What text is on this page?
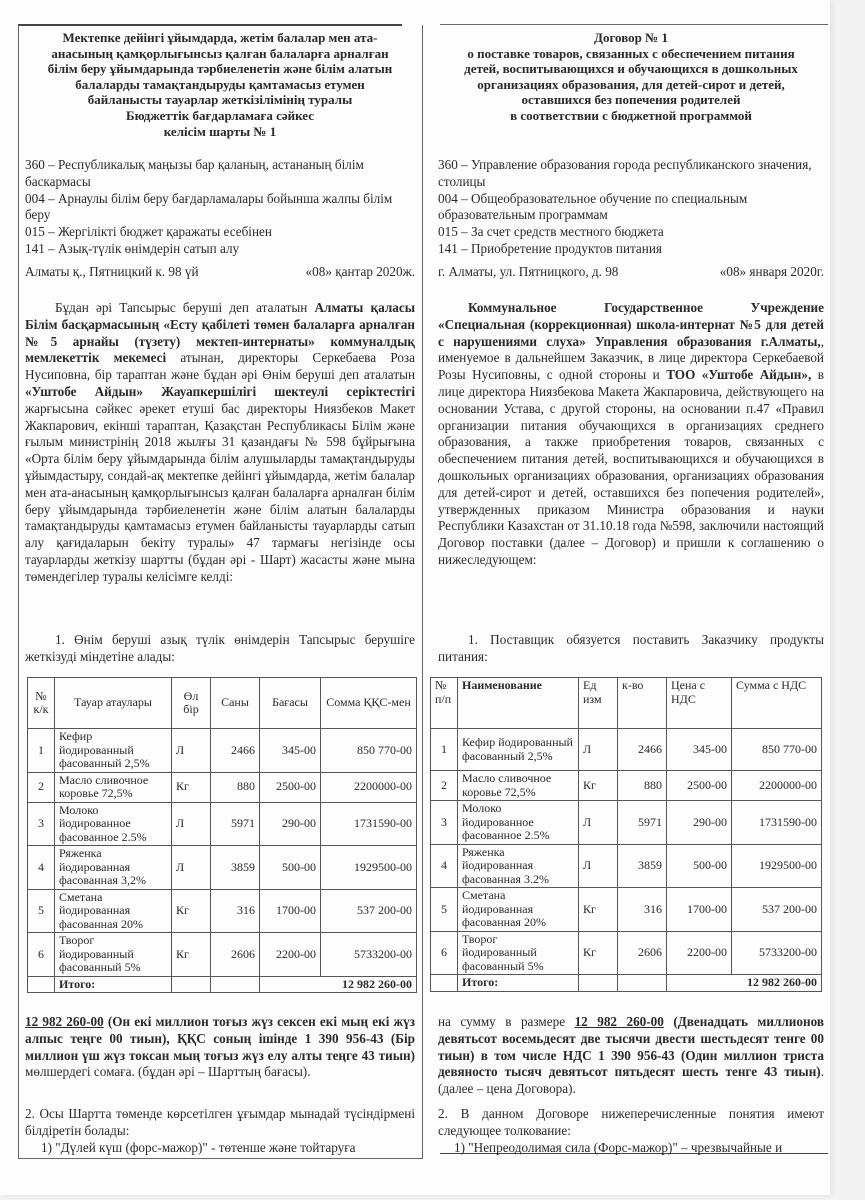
Мектепке дейінгі ұйымдарда, жетім балалар мен ата-
анасының қамқорлығынсыз қалған балаларға арналған
білім беру ұйымдарында тәрбиеленетін және білім алатын
балаларды тамақтандыруды қамтамасыз етумен
байланысты тауарлар жеткізілімінің туралы
Бюджеттік бағдарламаға сәйкес
келісім шарты № 1
360 – Республикалық маңызы бар қаланың, астананың білім баскармасы
004 – Арнаулы білім беру бағдарламалары бойынша жалпы білім беру
015 – Жергілікті бюджет қаражаты есебінен
141 – Азық-түлік өнімдерін сатып алу
Алматы қ., Пятницкий к. 98 үй	«08» қантар 2020ж.
Бұдан әрі Тапсырыс беруші деп аталатын Алматы қаласы Білім басқармасының «Есту қабілеті төмен балаларға арналған №5 арнайы (түзету) мектеп-интернаты» коммуналдық мемлекеттік мекемесі атынан, директоры Серкебаева Роза Нусиповна, бір тараптан және бұдан әрі Өнім беруші деп аталатын «Уштобе Айдын» Жауапкершілігі шектеулі серіктестігі жарғысына сәйкес әрекет етуші бас директоры Ниязбеков Макет Жакпарович, екінші тараптан, Қазақстан Республикасы Білім және ғылым министрінің 2018 жылғы 31 қазандағы № 598 бұйрығына «Орта білім беру ұйымдарында білім алушыларды тамақтандыруды ұйымдастыру, сондай-ақ мектепке дейінгі ұйымдарда, жетім балалар мен ата-анасының қамқорлығынсыз қалған балаларға арналған білім беру ұйымдарында тәрбиеленетін және білім алатын балаларды тамақтандыруды қамтамасыз етумен байланысты тауарларды сатып алу қағидаларын бекіту туралы» 47 тармағы негізінде осы тауарларды жеткізу шартты (бұдан әрі - Шарт) жасасты және мына төмендегілер туралы келісімге келді:
1. Өнім беруші азық түлік өнімдерін Тапсырыс берушіге жеткізуді міндетіне алады:
№ к/к	Тауар атаулары	Өл бір	Саны	Бағасы	Сомма ҚҚС-мен
1	Кефир йодированный фасованный 2,5%	Л	2466	345-00	850 770-00
2	Масло сливочное коровье 72,5%	Кг	880	2500-00	2200000-00
3	Молоко йодированное фасованное 2.5%	Л	5971	290-00	1731590-00
4	Ряженка йодированная фасованная 3,2%	Л	3859	500-00	1929500-00
5	Сметана йодированная фасованная 20%	Кг	316	1700-00	537 200-00
6	Творог йодированный фасованный 5%	Кг	2606	2200-00	5733200-00
	Итого:			12 982 260-00	
12 982 260-00 (Он екі миллион тоғыз жүз сексен екі мың екі жүз алпыс теңге 00 тиын), ҚҚС соның ішінде 1 390 956-43 (Бір миллион үш жүз токсан мың тоғыз жүз елу алты теңге 43 тиын) мөлшердегі сомаға. (бұдан әрі – Шарттың бағасы).
2. Осы Шартта төменде көрсетілген ұғымдар мынадай түсіндірмені білдіретін болады:
1) "Дүлей күш (форс-мажор)" - төтенше және тойтаруға
Договор № 1
о поставке товаров, связанных с обеспечением питания
детей, воспитывающихся и обучающихся в дошкольных
организациях образования, для детей-сирот и детей,
оставшихся без попечения родителей
в соответствии с бюджетной программой
360 – Управление образования города республиканского значения, столицы
004 – Общеобразовательное обучение по специальным образовательным программам
015 – За счет средств местного бюджета
141 – Приобретение продуктов питания
г. Алматы, ул. Пятницкого, д. 98	«08» января 2020г.
Коммунальное Государственное Учреждение «Специальная (коррекционная) школа-интернат №5 для детей с нарушениями слуха» Управления образования г.Алматы,, именуемое в дальнейшем Заказчик, в лице директора Серкебаевой Розы Нусиповны, с одной стороны и ТОО «Уштобе Айдын», в лице директора Ниязбекова Макета Жакпаровича, действующего на основании Устава, с другой стороны, на основании п.47 «Правил организации питания обучающихся в организациях среднего образования, а также приобретения товаров, связанных с обеспечением питания детей, воспитывающихся и обучающихся в дошкольных организациях образования, организациях образования для детей-сирот и детей, оставшихся без попечения родителей», утвержденных приказом Министра образования и науки Республики Казахстан от 31.10.18 года №598, заключили настоящий Договор поставки (далее – Договор) и пришли к соглашению о нижеследующем:
1. Поставщик обязуется поставить Заказчику продукты питания:
№ п/п	Наименование	Ед изм	к-во	Цена с НДС	Сумма с НДС
1	Кефир йодированный фасованный 2,5%	Л	2466	345-00	850 770-00
2	Масло сливочное коровье 72,5%	Кг	880	2500-00	2200000-00
3	Молоко йодированное фасованное 2.5%	Л	5971	290-00	1731590-00
4	Ряженка йодированная фасованная 3.2%	Л	3859	500-00	1929500-00
5	Сметана йодированная фасованная 20%	Кг	316	1700-00	537 200-00
6	Творог йодированный фасованный 5%	Кг	2606	2200-00	5733200-00
	Итого:			12 982 260-00	
на сумму в размере 12 982 260-00 (Двенадцать миллионов девятьсот восемьдесят две тысячи двести шестьдесят тенге 00 тиын) в том числе НДС 1 390 956-43 (Один миллион триста девяносто тысяч девятьсот пятьдесят шесть тенге 43 тиын). (далее – цена Договора).
2. В данном Договоре нижеперечисленные понятия имеют следующее толкование:
1) "Непреодолимая сила (Форс-мажор)" – чрезвычайные и
